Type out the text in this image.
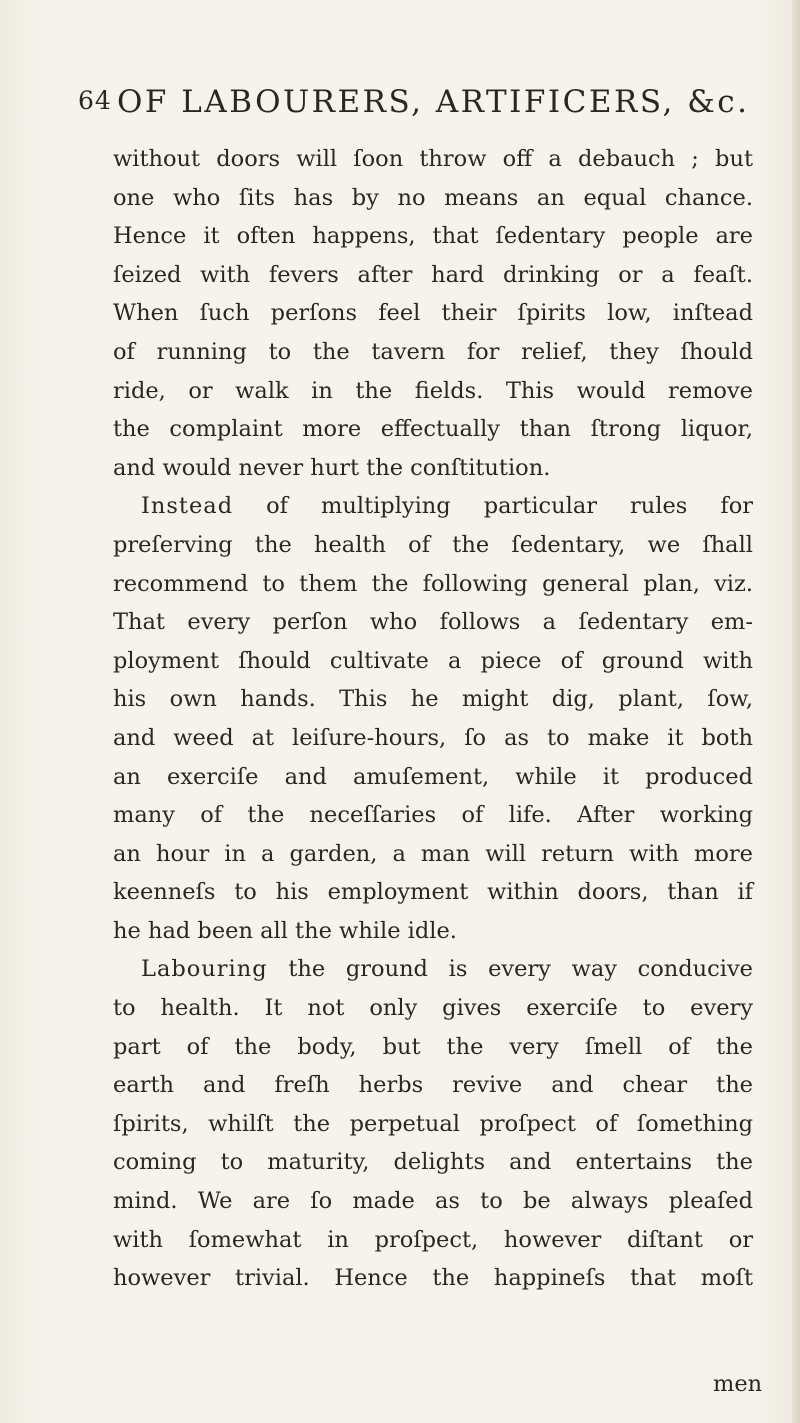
64 OF LABOURERS, ARTIFICERS, &c.
without doors will ſoon throw off a debauch ; but
one who ſits has by no means an equal chance.
Hence it often happens, that ſedentary people are
ſeized with fevers after hard drinking or a feaſt.
When ſuch perſons feel their ſpirits low, inſtead
of running to the tavern for relief, they ſhould
ride, or walk in the fields. This would remove
the complaint more effectually than ſtrong liquor,
and would never hurt the conſtitution.
Instead of multiplying particular rules for
preſerving the health of the ſedentary, we ſhall
recommend to them the following general plan, viz.
That every perſon who follows a ſedentary em-
ployment ſhould cultivate a piece of ground with
his own hands. This he might dig, plant, ſow,
and weed at leiſure-hours, ſo as to make it both
an exerciſe and amuſement, while it produced
many of the neceſſaries of life. After working
an hour in a garden, a man will return with more
keenneſs to his employment within doors, than if
he had been all the while idle.
Labouring the ground is every way conducive
to health. It not only gives exerciſe to every
part of the body, but the very ſmell of the
earth and freſh herbs revive and chear the
ſpirits, whilſt the perpetual proſpect of ſomething
coming to maturity, delights and entertains the
mind. We are ſo made as to be always pleaſed
with ſomewhat in proſpect, however diſtant or
however trivial. Hence the happineſs that moſt
men
